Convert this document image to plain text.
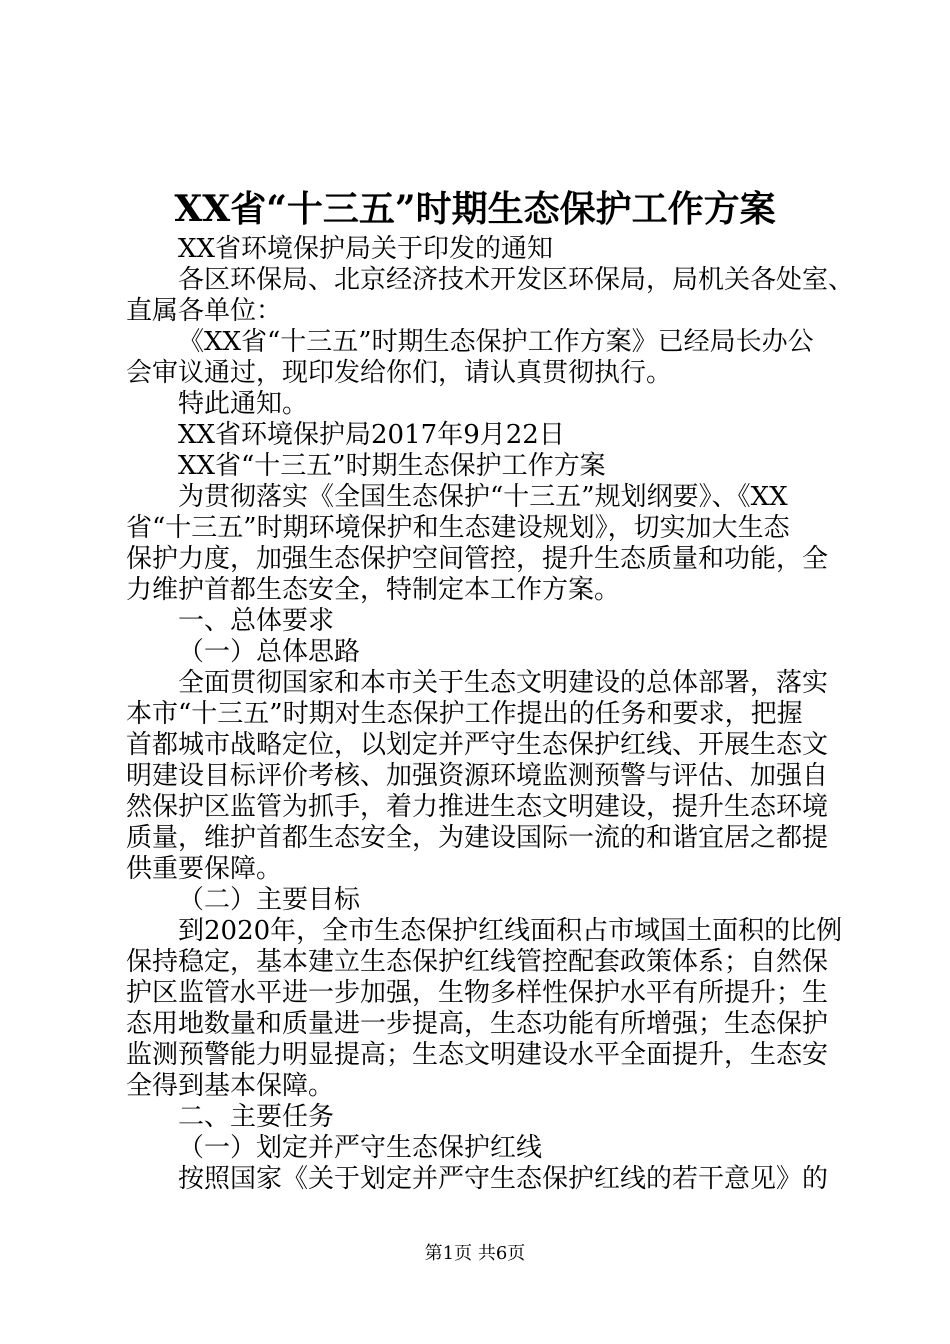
XX省“十三五”时期生态保护工作方案
XX省环境保护局关于印发的通知
各区环保局、北京经济技术开发区环保局，局机关各处室、
直属各单位：
《XX省“十三五”时期生态保护工作方案》已经局长办公
会审议通过，现印发给你们，请认真贯彻执行。
特此通知。
XX省环境保护局2017年9月22日
XX省“十三五”时期生态保护工作方案
为贯彻落实《全国生态保护“十三五”规划纲要》、《XX
省“十三五”时期环境保护和生态建设规划》，切实加大生态
保护力度，加强生态保护空间管控，提升生态质量和功能，全
力维护首都生态安全，特制定本工作方案。
一、总体要求
（一）总体思路
全面贯彻国家和本市关于生态文明建设的总体部署，落实
本市“十三五”时期对生态保护工作提出的任务和要求，把握
首都城市战略定位，以划定并严守生态保护红线、开展生态文
明建设目标评价考核、加强资源环境监测预警与评估、加强自
然保护区监管为抓手，着力推进生态文明建设，提升生态环境
质量，维护首都生态安全，为建设国际一流的和谐宜居之都提
供重要保障。
（二）主要目标
到2020年，全市生态保护红线面积占市域国土面积的比例
保持稳定，基本建立生态保护红线管控配套政策体系；自然保
护区监管水平进一步加强，生物多样性保护水平有所提升；生
态用地数量和质量进一步提高，生态功能有所增强；生态保护
监测预警能力明显提高；生态文明建设水平全面提升，生态安
全得到基本保障。
二、主要任务
（一）划定并严守生态保护红线
按照国家《关于划定并严守生态保护红线的若干意见》的
第1页 共6页
